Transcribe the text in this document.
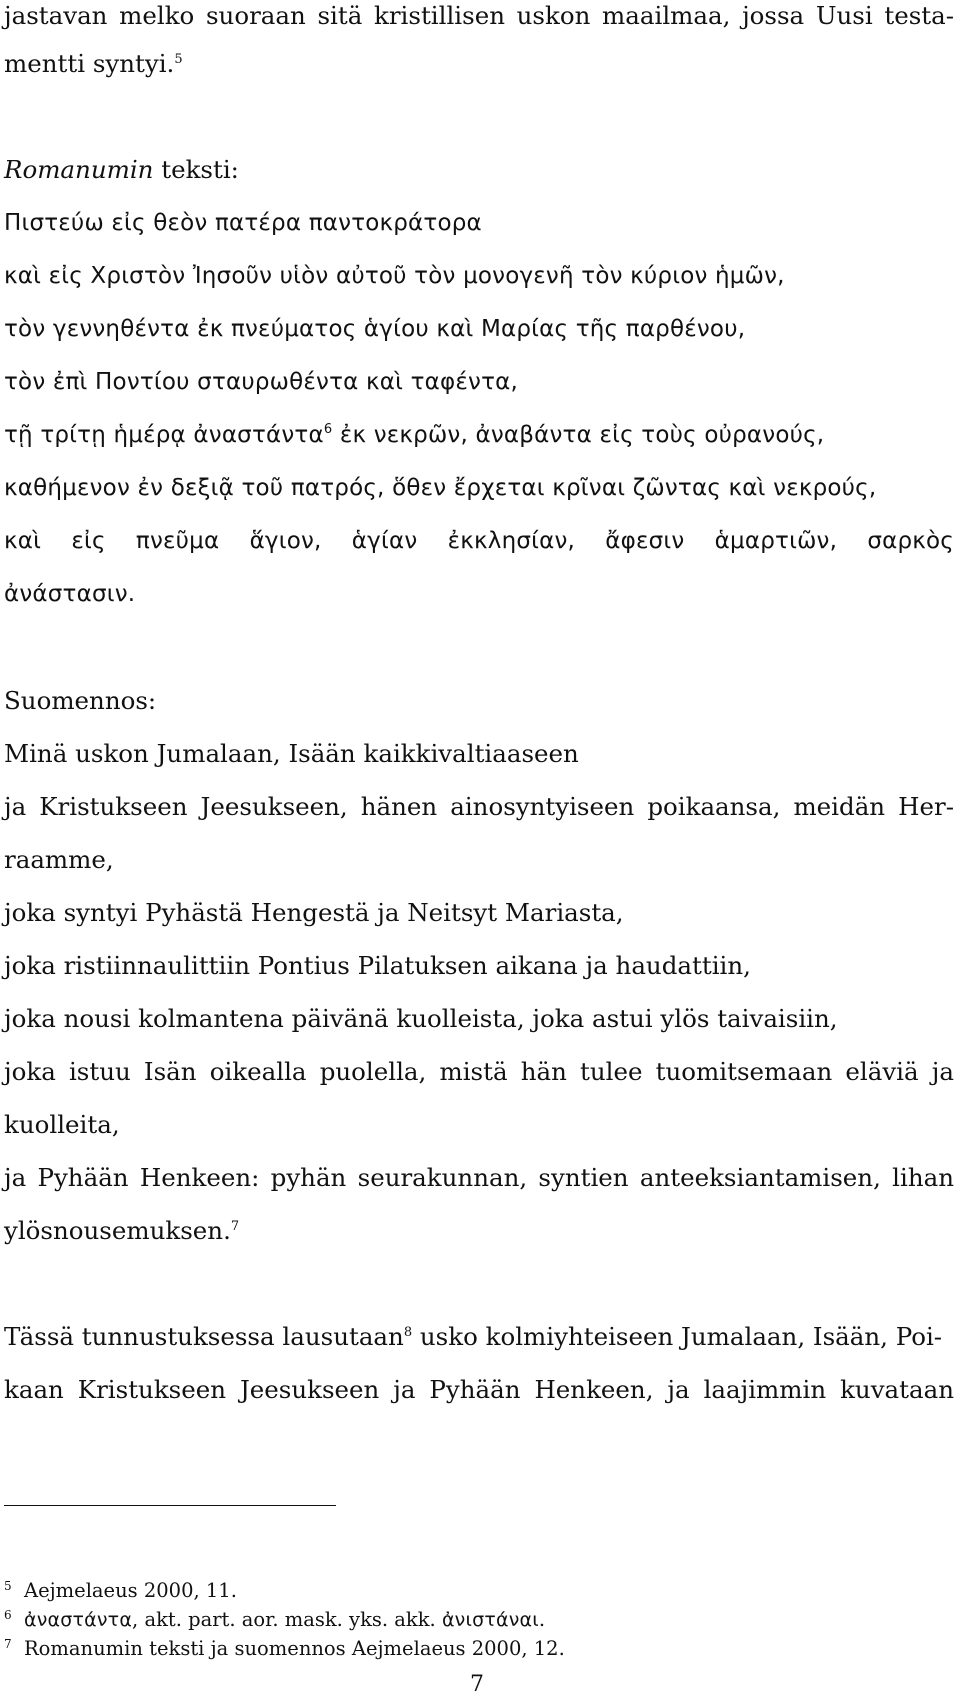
jastavan melko suoraan sitä kristillisen uskon maailmaa, jossa Uusi testa-
mentti syntyi.$^5$
Romanumin teksti:
Πιστεύω εἰς θεὸν πατέρα παντοκράτορα
καὶ εἰς Χριστὸν Ἰησοῦν υἱὸν αὐτοῦ τὸν μονογενῆ τὸν κύριον ἡμῶν,
τὸν γεννηθέντα ἐκ πνεύματος ἁγίου καὶ Μαρίας τῆς παρθένου,
τὸν ἐπὶ Ποντίου σταυρωθέντα καὶ ταφέντα,
τῇ τρίτῃ ἡμέρᾳ ἀναστάντα$^6$ ἐκ νεκρῶν, ἀναβάντα εἰς τοὺς οὐρανούς,
καθήμενον ἐν δεξιᾷ τοῦ πατρός, ὅθεν ἔρχεται κρῖναι ζῶντας καὶ νεκρούς,
καὶ εἰς πνεῦμα ἅγιον, ἁγίαν ἐκκλησίαν, ἄφεσιν ἁμαρτιῶν, σαρκὸς
ἀνάστασιν.
Suomennos:
Minä uskon Jumalaan, Isään kaikkivaltiaaseen
ja Kristukseen Jeesukseen, hänen ainosyntyiseen poikaansa, meidän Her-
raamme,
joka syntyi Pyhästä Hengestä ja Neitsyt Mariasta,
joka ristiinnaulittiin Pontius Pilatuksen aikana ja haudattiin,
joka nousi kolmantena päivänä kuolleista, joka astui ylös taivaisiin,
joka istuu Isän oikealla puolella, mistä hän tulee tuomitsemaan eläviä ja
kuolleita,
ja Pyhään Henkeen: pyhän seurakunnan, syntien anteeksiantamisen, lihan
ylösnousemuksen.$^7$
Tässä tunnustuksessa lausutaan$^8$ usko kolmiyhteiseen Jumalaan, Isään, Poi-
kaan Kristukseen Jeesukseen ja Pyhään Henkeen, ja laajimmin kuvataan
$^5$ Aejmelaeus 2000, 11.
$^6$ ἀναστάντα, akt. part. aor. mask. yks. akk. ἀνιστάναι.
$^7$ Romanumin teksti ja suomennos Aejmelaeus 2000, 12.
7
